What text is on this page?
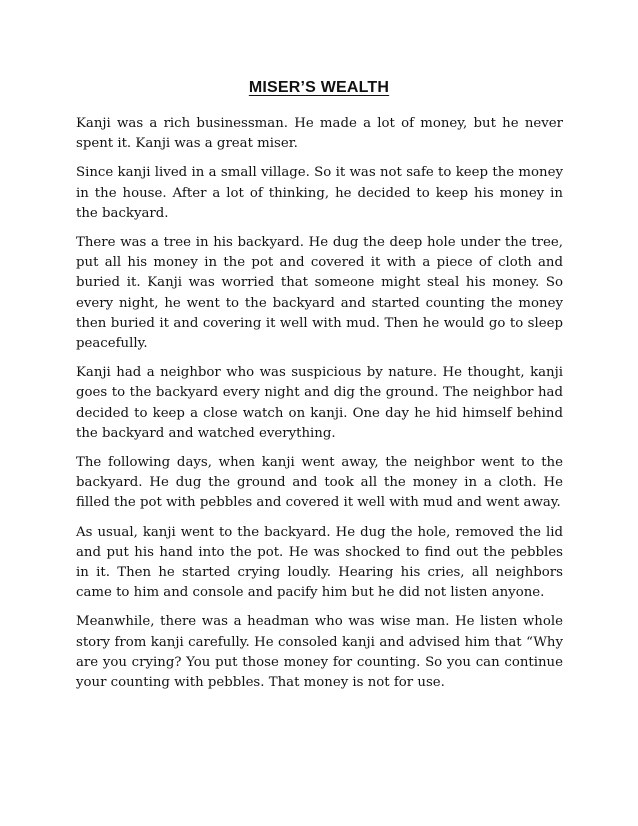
MISER’S WEALTH

Kanji was a rich businessman. He made a lot of money, but he never spent it. Kanji was a great miser.

Since kanji lived in a small village. So it was not safe to keep the money in the house. After a lot of thinking, he decided to keep his money in the backyard.

There was a tree in his backyard. He dug the deep hole under the tree, put all his money in the pot and covered it with a piece of cloth and buried it. Kanji was worried that someone might steal his money. So every night, he went to the backyard and started counting the money then buried it and covering it well with mud. Then he would go to sleep peacefully.

Kanji had a neighbor who was suspicious by nature. He thought, kanji goes to the backyard every night and dig the ground. The neighbor had decided to keep a close watch on kanji. One day he hid himself behind the backyard and watched everything.

The following days, when kanji went away, the neighbor went to the backyard. He dug the ground and took all the money in a cloth. He filled the pot with pebbles and covered it well with mud and went away.

As usual, kanji went to the backyard. He dug the hole, removed the lid and put his hand into the pot. He was shocked to find out the pebbles in it. Then he started crying loudly. Hearing his cries, all neighbors came to him and console and pacify him but he did not listen anyone.

Meanwhile, there was a headman who was wise man. He listen whole story from kanji carefully. He consoled kanji and advised him that “Why are you crying? You put those money for counting. So you can continue your counting with pebbles. That money is not for use.
